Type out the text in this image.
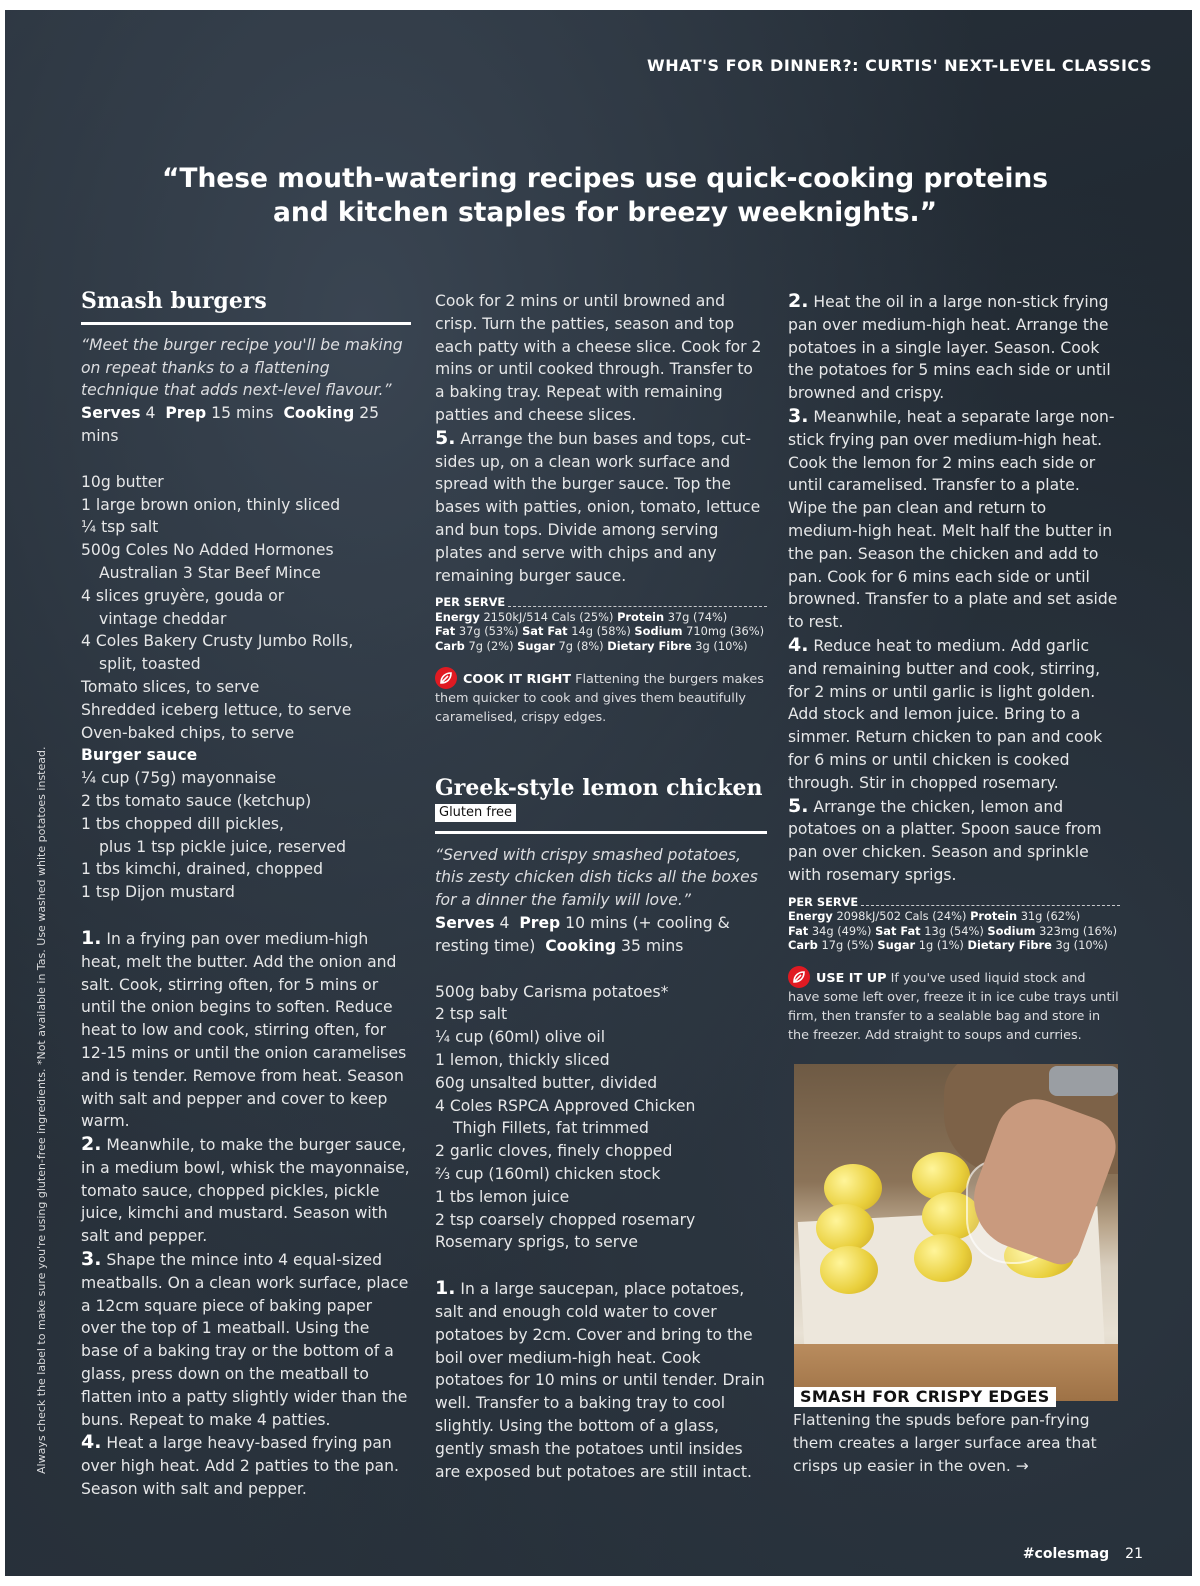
WHAT'S FOR DINNER?: CURTIS' NEXT-LEVEL CLASSICS
“These mouth-watering recipes use quick-cooking proteins and kitchen staples for breezy weeknights.”
Smash burgers
“Meet the burger recipe you'll be making on repeat thanks to a flattening technique that adds next-level flavour.”
Serves 4 Prep 15 mins Cooking 25 mins
10g butter
1 large brown onion, thinly sliced
¼ tsp salt
500g Coles No Added Hormones
Australian 3 Star Beef Mince
4 slices gruyère, gouda or
vintage cheddar
4 Coles Bakery Crusty Jumbo Rolls,
split, toasted
Tomato slices, to serve
Shredded iceberg lettuce, to serve
Oven-baked chips, to serve
Burger sauce
¼ cup (75g) mayonnaise
2 tbs tomato sauce (ketchup)
1 tbs chopped dill pickles,
plus 1 tsp pickle juice, reserved
1 tbs kimchi, drained, chopped
1 tsp Dijon mustard
1. In a frying pan over medium-high heat, melt the butter. Add the onion and salt. Cook, stirring often, for 5 mins or until the onion begins to soften. Reduce heat to low and cook, stirring often, for 12-15 mins or until the onion caramelises and is tender. Remove from heat. Season with salt and pepper and cover to keep warm.
2. Meanwhile, to make the burger sauce, in a medium bowl, whisk the mayonnaise, tomato sauce, chopped pickles, pickle juice, kimchi and mustard. Season with salt and pepper.
3. Shape the mince into 4 equal-sized meatballs. On a clean work surface, place a 12cm square piece of baking paper over the top of 1 meatball. Using the base of a baking tray or the bottom of a glass, press down on the meatball to flatten into a patty slightly wider than the buns. Repeat to make 4 patties.
4. Heat a large heavy-based frying pan over high heat. Add 2 patties to the pan. Season with salt and pepper.
Cook for 2 mins or until browned and crisp. Turn the patties, season and top each patty with a cheese slice. Cook for 2 mins or until cooked through. Transfer to a baking tray. Repeat with remaining patties and cheese slices.
5. Arrange the bun bases and tops, cut-sides up, on a clean work surface and spread with the burger sauce. Top the bases with patties, onion, tomato, lettuce and bun tops. Divide among serving plates and serve with chips and any remaining burger sauce.
PER SERVE
Energy 2150kJ/514 Cals (25%) Protein 37g (74%)
Fat 37g (53%) Sat Fat 14g (58%) Sodium 710mg (36%)
Carb 7g (2%) Sugar 7g (8%) Dietary Fibre 3g (10%)
COOK IT RIGHT Flattening the burgers makes them quicker to cook and gives them beautifully caramelised, crispy edges.
Greek-style lemon chicken
Gluten free
“Served with crispy smashed potatoes, this zesty chicken dish ticks all the boxes for a dinner the family will love.”
Serves 4 Prep 10 mins (+ cooling & resting time) Cooking 35 mins
500g baby Carisma potatoes*
2 tsp salt
¼ cup (60ml) olive oil
1 lemon, thickly sliced
60g unsalted butter, divided
4 Coles RSPCA Approved Chicken
Thigh Fillets, fat trimmed
2 garlic cloves, finely chopped
⅔ cup (160ml) chicken stock
1 tbs lemon juice
2 tsp coarsely chopped rosemary
Rosemary sprigs, to serve
1. In a large saucepan, place potatoes, salt and enough cold water to cover potatoes by 2cm. Cover and bring to the boil over medium-high heat. Cook potatoes for 10 mins or until tender. Drain well. Transfer to a baking tray to cool slightly. Using the bottom of a glass, gently smash the potatoes until insides are exposed but potatoes are still intact.
2. Heat the oil in a large non-stick frying pan over medium-high heat. Arrange the potatoes in a single layer. Season. Cook the potatoes for 5 mins each side or until browned and crispy.
3. Meanwhile, heat a separate large non-stick frying pan over medium-high heat. Cook the lemon for 2 mins each side or until caramelised. Transfer to a plate. Wipe the pan clean and return to medium-high heat. Melt half the butter in the pan. Season the chicken and add to pan. Cook for 6 mins each side or until browned. Transfer to a plate and set aside to rest.
4. Reduce heat to medium. Add garlic and remaining butter and cook, stirring, for 2 mins or until garlic is light golden. Add stock and lemon juice. Bring to a simmer. Return chicken to pan and cook for 6 mins or until chicken is cooked through. Stir in chopped rosemary.
5. Arrange the chicken, lemon and potatoes on a platter. Spoon sauce from pan over chicken. Season and sprinkle with rosemary sprigs.
PER SERVE
Energy 2098kJ/502 Cals (24%) Protein 31g (62%)
Fat 34g (49%) Sat Fat 13g (54%) Sodium 323mg (16%)
Carb 17g (5%) Sugar 1g (1%) Dietary Fibre 3g (10%)
USE IT UP If you've used liquid stock and have some left over, freeze it in ice cube trays until firm, then transfer to a sealable bag and store in the freezer. Add straight to soups and curries.
SMASH FOR CRISPY EDGES
Flattening the spuds before pan-frying them creates a larger surface area that crisps up easier in the oven. →
Always check the label to make sure you're using gluten-free ingredients. *Not available in Tas. Use washed white potatoes instead.
#colesmag 21
